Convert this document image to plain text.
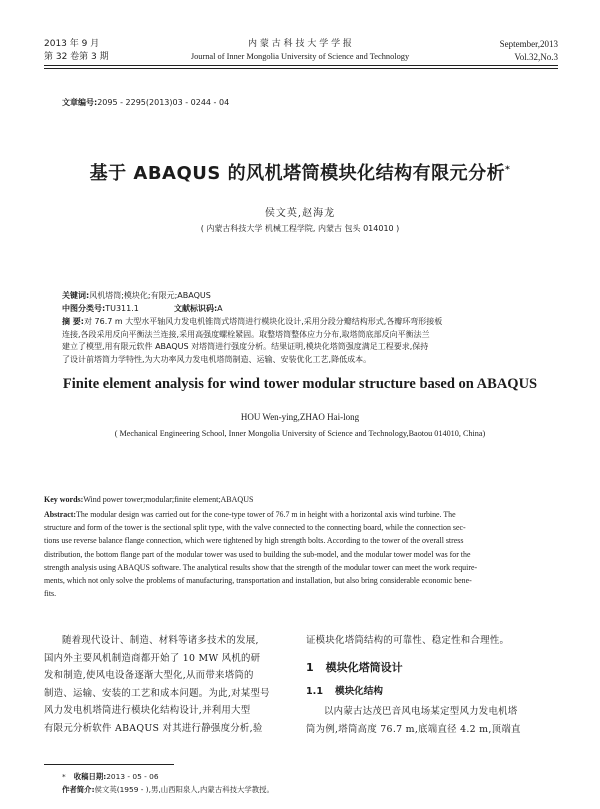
2013 年 9 月
第 32 卷第 3 期
内 蒙 古 科 技 大 学 学 报
Journal of Inner Mongolia University of Science and Technology
September,2013
Vol.32,No.3
文章编号:2095 - 2295(2013)03 - 0244 - 04
基于 ABAQUS 的风机塔筒模块化结构有限元分析*
侯文英,赵海龙
( 内蒙古科技大学 机械工程学院, 内蒙古 包头 014010 )
关键词:风机塔筒;模块化;有限元;ABAQUS
中图分类号:TU311.1	文献标识码:A
摘 要:对 76.7 m 大型水平轴风力发电机锥筒式塔筒进行模块化设计,采用分段分瓣结构形式,各瓣环弯形接板
连接,各段采用反向平衡法兰连接,采用高强度螺栓紧固。取整塔筒整体应力分布,取塔筒底部反向平衡法兰
建立了模型,用有限元软件 ABAQUS 对塔筒进行强度分析。结果证明,模块化塔筒强度满足工程要求,保持
了设计前塔筒力学特性,为大功率风力发电机塔筒制造、运输、安装优化工艺,降低成本。
Finite element analysis for wind tower modular structure based on ABAQUS
HOU Wen-ying,ZHAO Hai-long
( Mechanical Engineering School, Inner Mongolia University of Science and Technology,Baotou 014010, China)
Key words:Wind power tower;modular;finite element;ABAQUS
Abstract:The modular design was carried out for the cone-type tower of 76.7 m in height with a horizontal axis wind turbine. The
structure and form of the tower is the sectional split type, with the valve connected to the connecting board, while the connection sec-
tions use reverse balance flange connection, which were tightened by high strength bolts. According to the tower of the overall stress
distribution, the bottom flange part of the modular tower was used to building the sub-model, and the modular tower model was for the
strength analysis using ABAQUS software. The analytical results show that the strength of the modular tower can meet the work require-
ments, which not only solve the problems of manufacturing, transportation and installation, but also bring considerable economic bene-
fits.
随着现代设计、制造、材料等诸多技术的发展,
国内外主要风机制造商都开始了 10 MW 风机的研
发和制造,使风电设备逐渐大型化,从而带来塔筒的
制造、运输、安装的工艺和成本问题。为此,对某型号
风力发电机塔筒进行模块化结构设计,并利用大型
有限元分析软件 ABAQUS 对其进行静强度分析,验
证模块化塔筒结构的可靠性、稳定性和合理性。
1 模块化塔筒设计
1.1 模块化结构
以内蒙古达茂巴音风电场某定型风力发电机塔
筒为例,塔筒高度 76.7 m,底端直径 4.2 m,顶端直
* 收稿日期:2013 - 05 - 06
作者简介:侯文英(1959 - ),男,山西阳泉人,内蒙古科技大学教授。
